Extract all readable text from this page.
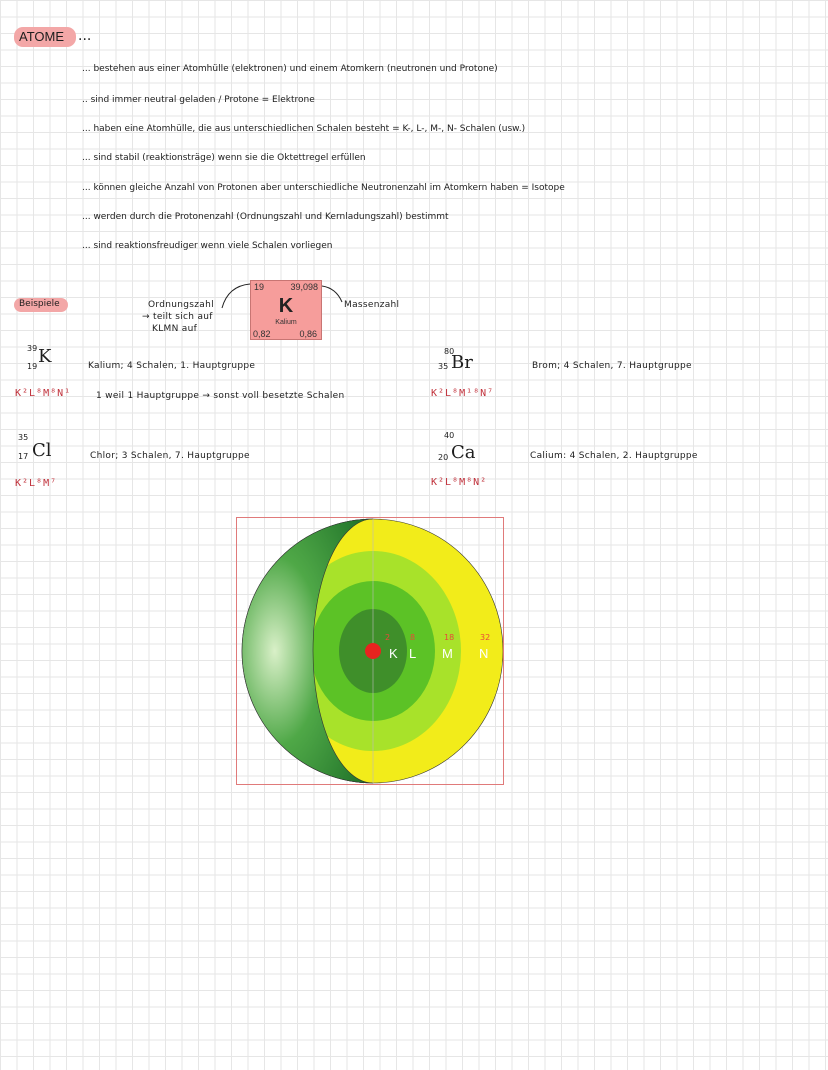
ATOME ...
... bestehen aus einer Atomhülle (elektronen) und einem Atomkern (neutronen und Protone)
.. sind immer neutral geladen / Protone = Elektrone
... haben eine Atomhülle, die aus unterschiedlichen Schalen besteht = K-, L-, M-, N- Schalen (usw.)
... sind stabil (reaktionsträge) wenn sie die Oktettregel erfüllen
... können gleiche Anzahl von Protonen aber unterschiedliche Neutronenzahl im Atomkern haben = Isotope
... werden durch die Protonenzahl (Ordnungszahl und Kernladungszahl) bestimmt
... sind reaktionsfreudiger wenn viele Schalen vorliegen
Beispiele	Ordnungszahl
→ teilt sich auf
KLMN auf
Massenzahl
19	39,098
K
Kalium
0,82	0,86
39
19 K	Kalium; 4 Schalen, 1. Hauptgruppe
K²L⁸M⁸N¹	1 weil 1 Hauptgruppe → sonst voll besetzte Schalen
80
35 Br	Brom; 4 Schalen, 7. Hauptgruppe
K²L⁸M¹⁸N⁷
35
17 Cl	Chlor; 3 Schalen, 7. Hauptgruppe
K²L⁸M⁷
40
20 Ca	Calium: 4 Schalen, 2. Hauptgruppe
K²L⁸M⁸N²
K L M N
2 8	18	32
